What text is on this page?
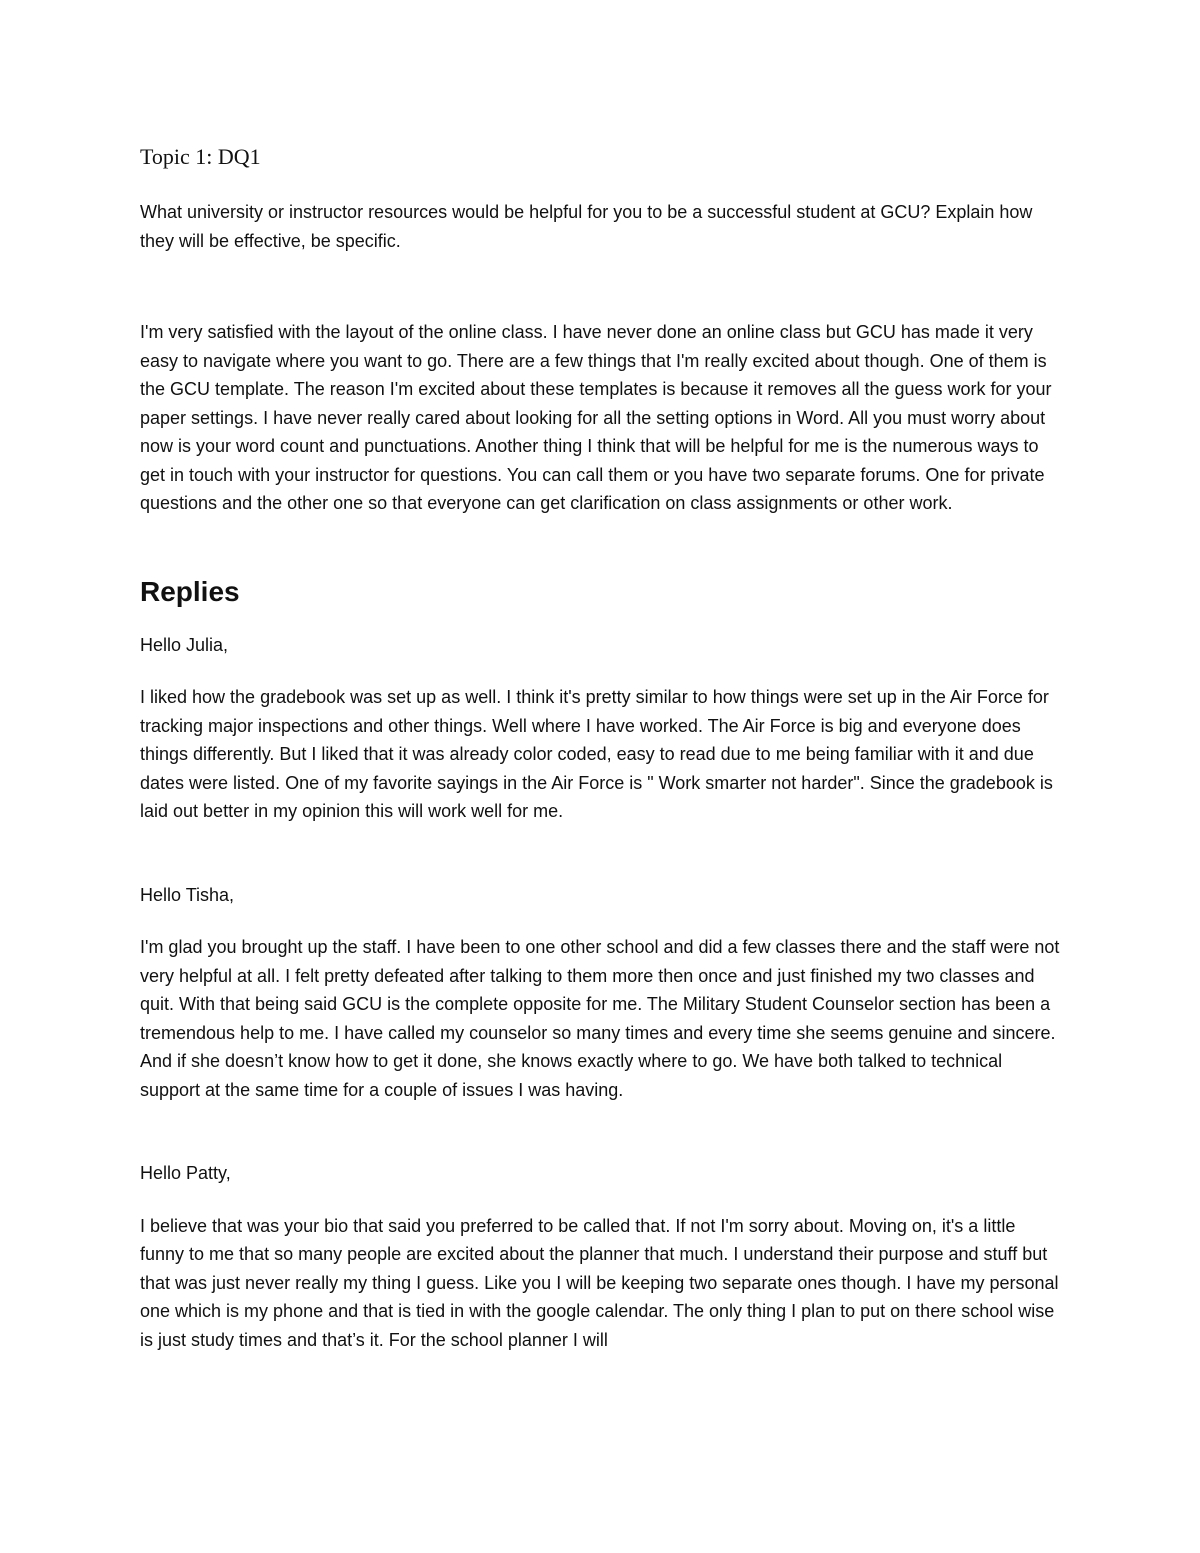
Topic 1: DQ1

What university or instructor resources would be helpful for you to be a successful student at GCU? Explain how they will be effective, be specific.

I'm very satisfied with the layout of the online class. I have never done an online class but GCU has made it very easy to navigate where you want to go. There are a few things that I'm really excited about though. One of them is the GCU template. The reason I'm excited about these templates is because it removes all the guess work for your paper settings. I have never really cared about looking for all the setting options in Word. All you must worry about now is your word count and punctuations. Another thing I think that will be helpful for me is the numerous ways to get in touch with your instructor for questions. You can call them or you have two separate forums. One for private questions and the other one so that everyone can get clarification on class assignments or other work.

Replies

Hello Julia,

I liked how the gradebook was set up as well. I think it's pretty similar to how things were set up in the Air Force for tracking major inspections and other things. Well where I have worked. The Air Force is big and everyone does things differently. But I liked that it was already color coded, easy to read due to me being familiar with it and due dates were listed. One of my favorite sayings in the Air Force is " Work smarter not harder". Since the gradebook is laid out better in my opinion this will work well for me.

Hello Tisha,

I'm glad you brought up the staff. I have been to one other school and did a few classes there and the staff were not very helpful at all. I felt pretty defeated after talking to them more then once and just finished my two classes and quit. With that being said GCU is the complete opposite for me. The Military Student Counselor section has been a tremendous help to me. I have called my counselor so many times and every time she seems genuine and sincere. And if she doesn’t know how to get it done, she knows exactly where to go. We have both talked to technical support at the same time for a couple of issues I was having.

Hello Patty,

I believe that was your bio that said you preferred to be called that. If not I'm sorry about. Moving on, it's a little funny to me that so many people are excited about the planner that much. I understand their purpose and stuff but that was just never really my thing I guess. Like you I will be keeping two separate ones though. I have my personal one which is my phone and that is tied in with the google calendar. The only thing I plan to put on there school wise is just study times and that’s it. For the school planner I will
